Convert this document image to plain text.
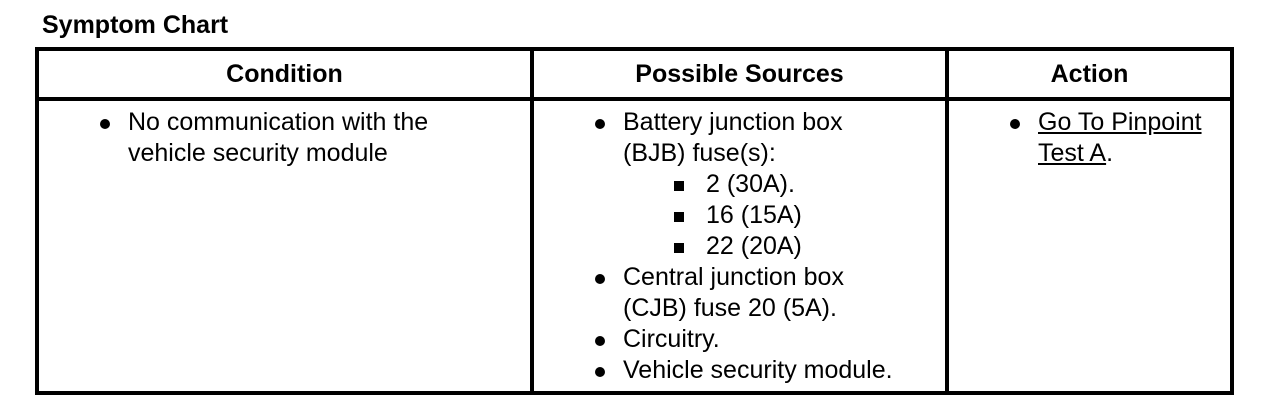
Symptom Chart
Condition	Possible Sources	Action
No communication with the
vehicle security module
Battery junction box
(BJB) fuse(s):
2 (30A).
16 (15A)
22 (20A)
Central junction box
(CJB) fuse 20 (5A).
Circuitry.
Vehicle security module.
Go To Pinpoint
Test A.
